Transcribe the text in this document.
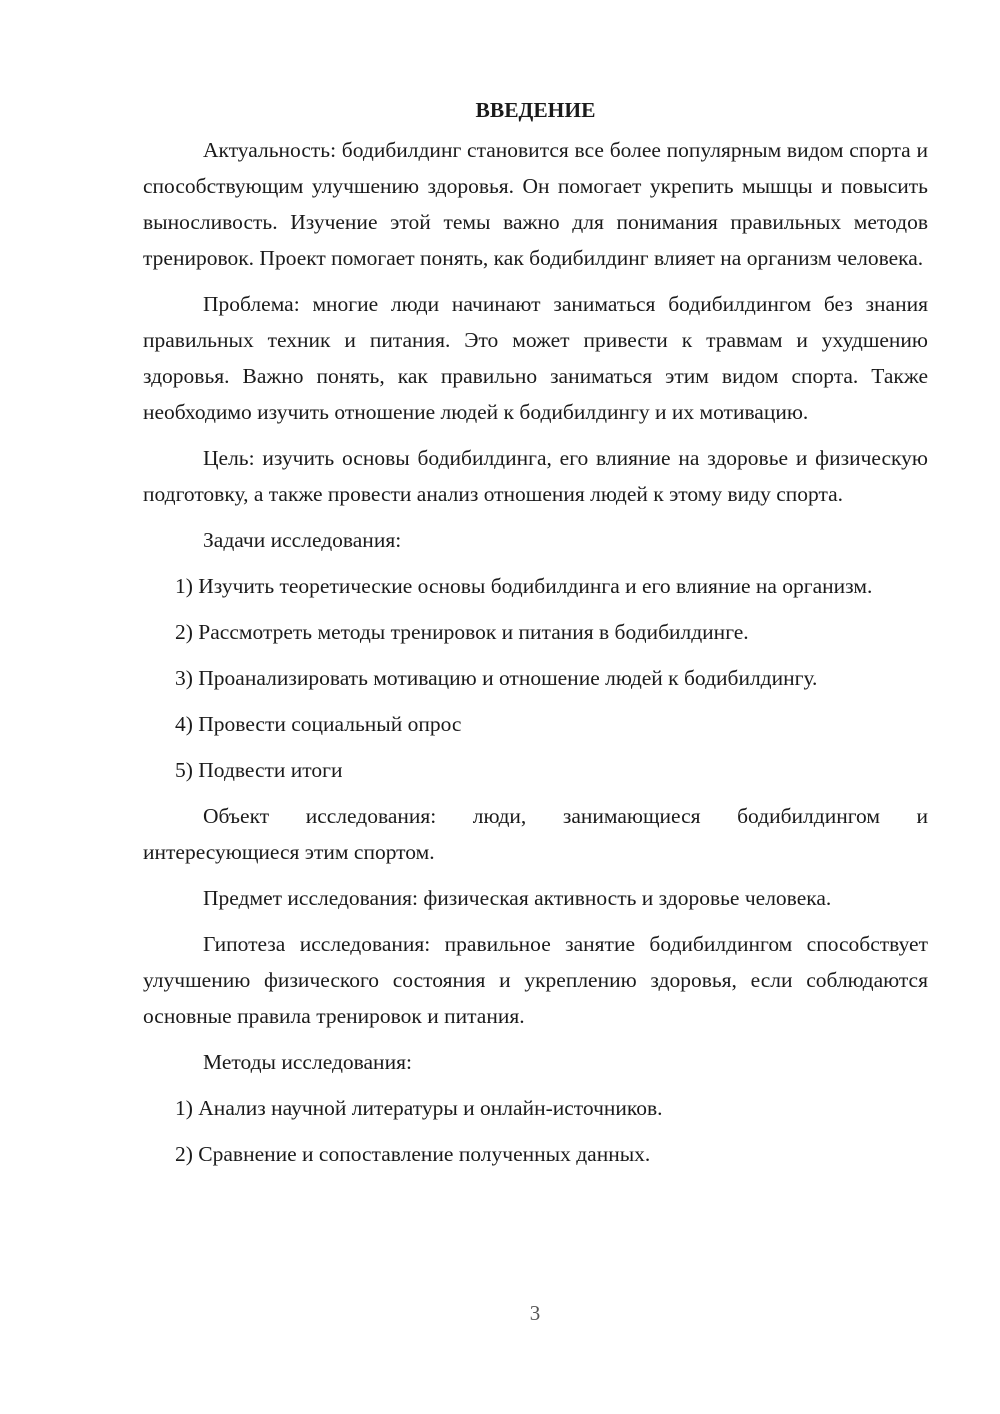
ВВЕДЕНИЕ
Актуальность: бодибилдинг становится все более популярным видом спорта и способствующим улучшению здоровья. Он помогает укрепить мышцы и повысить выносливость. Изучение этой темы важно для понимания правильных методов тренировок. Проект помогает понять, как бодибилдинг влияет на организм человека.
Проблема: многие люди начинают заниматься бодибилдингом без знания правильных техник и питания. Это может привести к травмам и ухудшению здоровья. Важно понять, как правильно заниматься этим видом спорта. Также необходимо изучить отношение людей к бодибилдингу и их мотивацию.
Цель: изучить основы бодибилдинга, его влияние на здоровье и физическую подготовку, а также провести анализ отношения людей к этому виду спорта.
Задачи исследования:
1) Изучить теоретические основы бодибилдинга и его влияние на организм.
2) Рассмотреть методы тренировок и питания в бодибилдинге.
3) Проанализировать мотивацию и отношение людей к бодибилдингу.
4) Провести социальный опрос
5) Подвести итоги
Объект исследования: люди, занимающиеся бодибилдингом и интересующиеся этим спортом.
Предмет исследования: физическая активность и здоровье человека.
Гипотеза исследования: правильное занятие бодибилдингом способствует улучшению физического состояния и укреплению здоровья, если соблюдаются основные правила тренировок и питания.
Методы исследования:
1) Анализ научной литературы и онлайн-источников.
2) Сравнение и сопоставление полученных данных.
3
